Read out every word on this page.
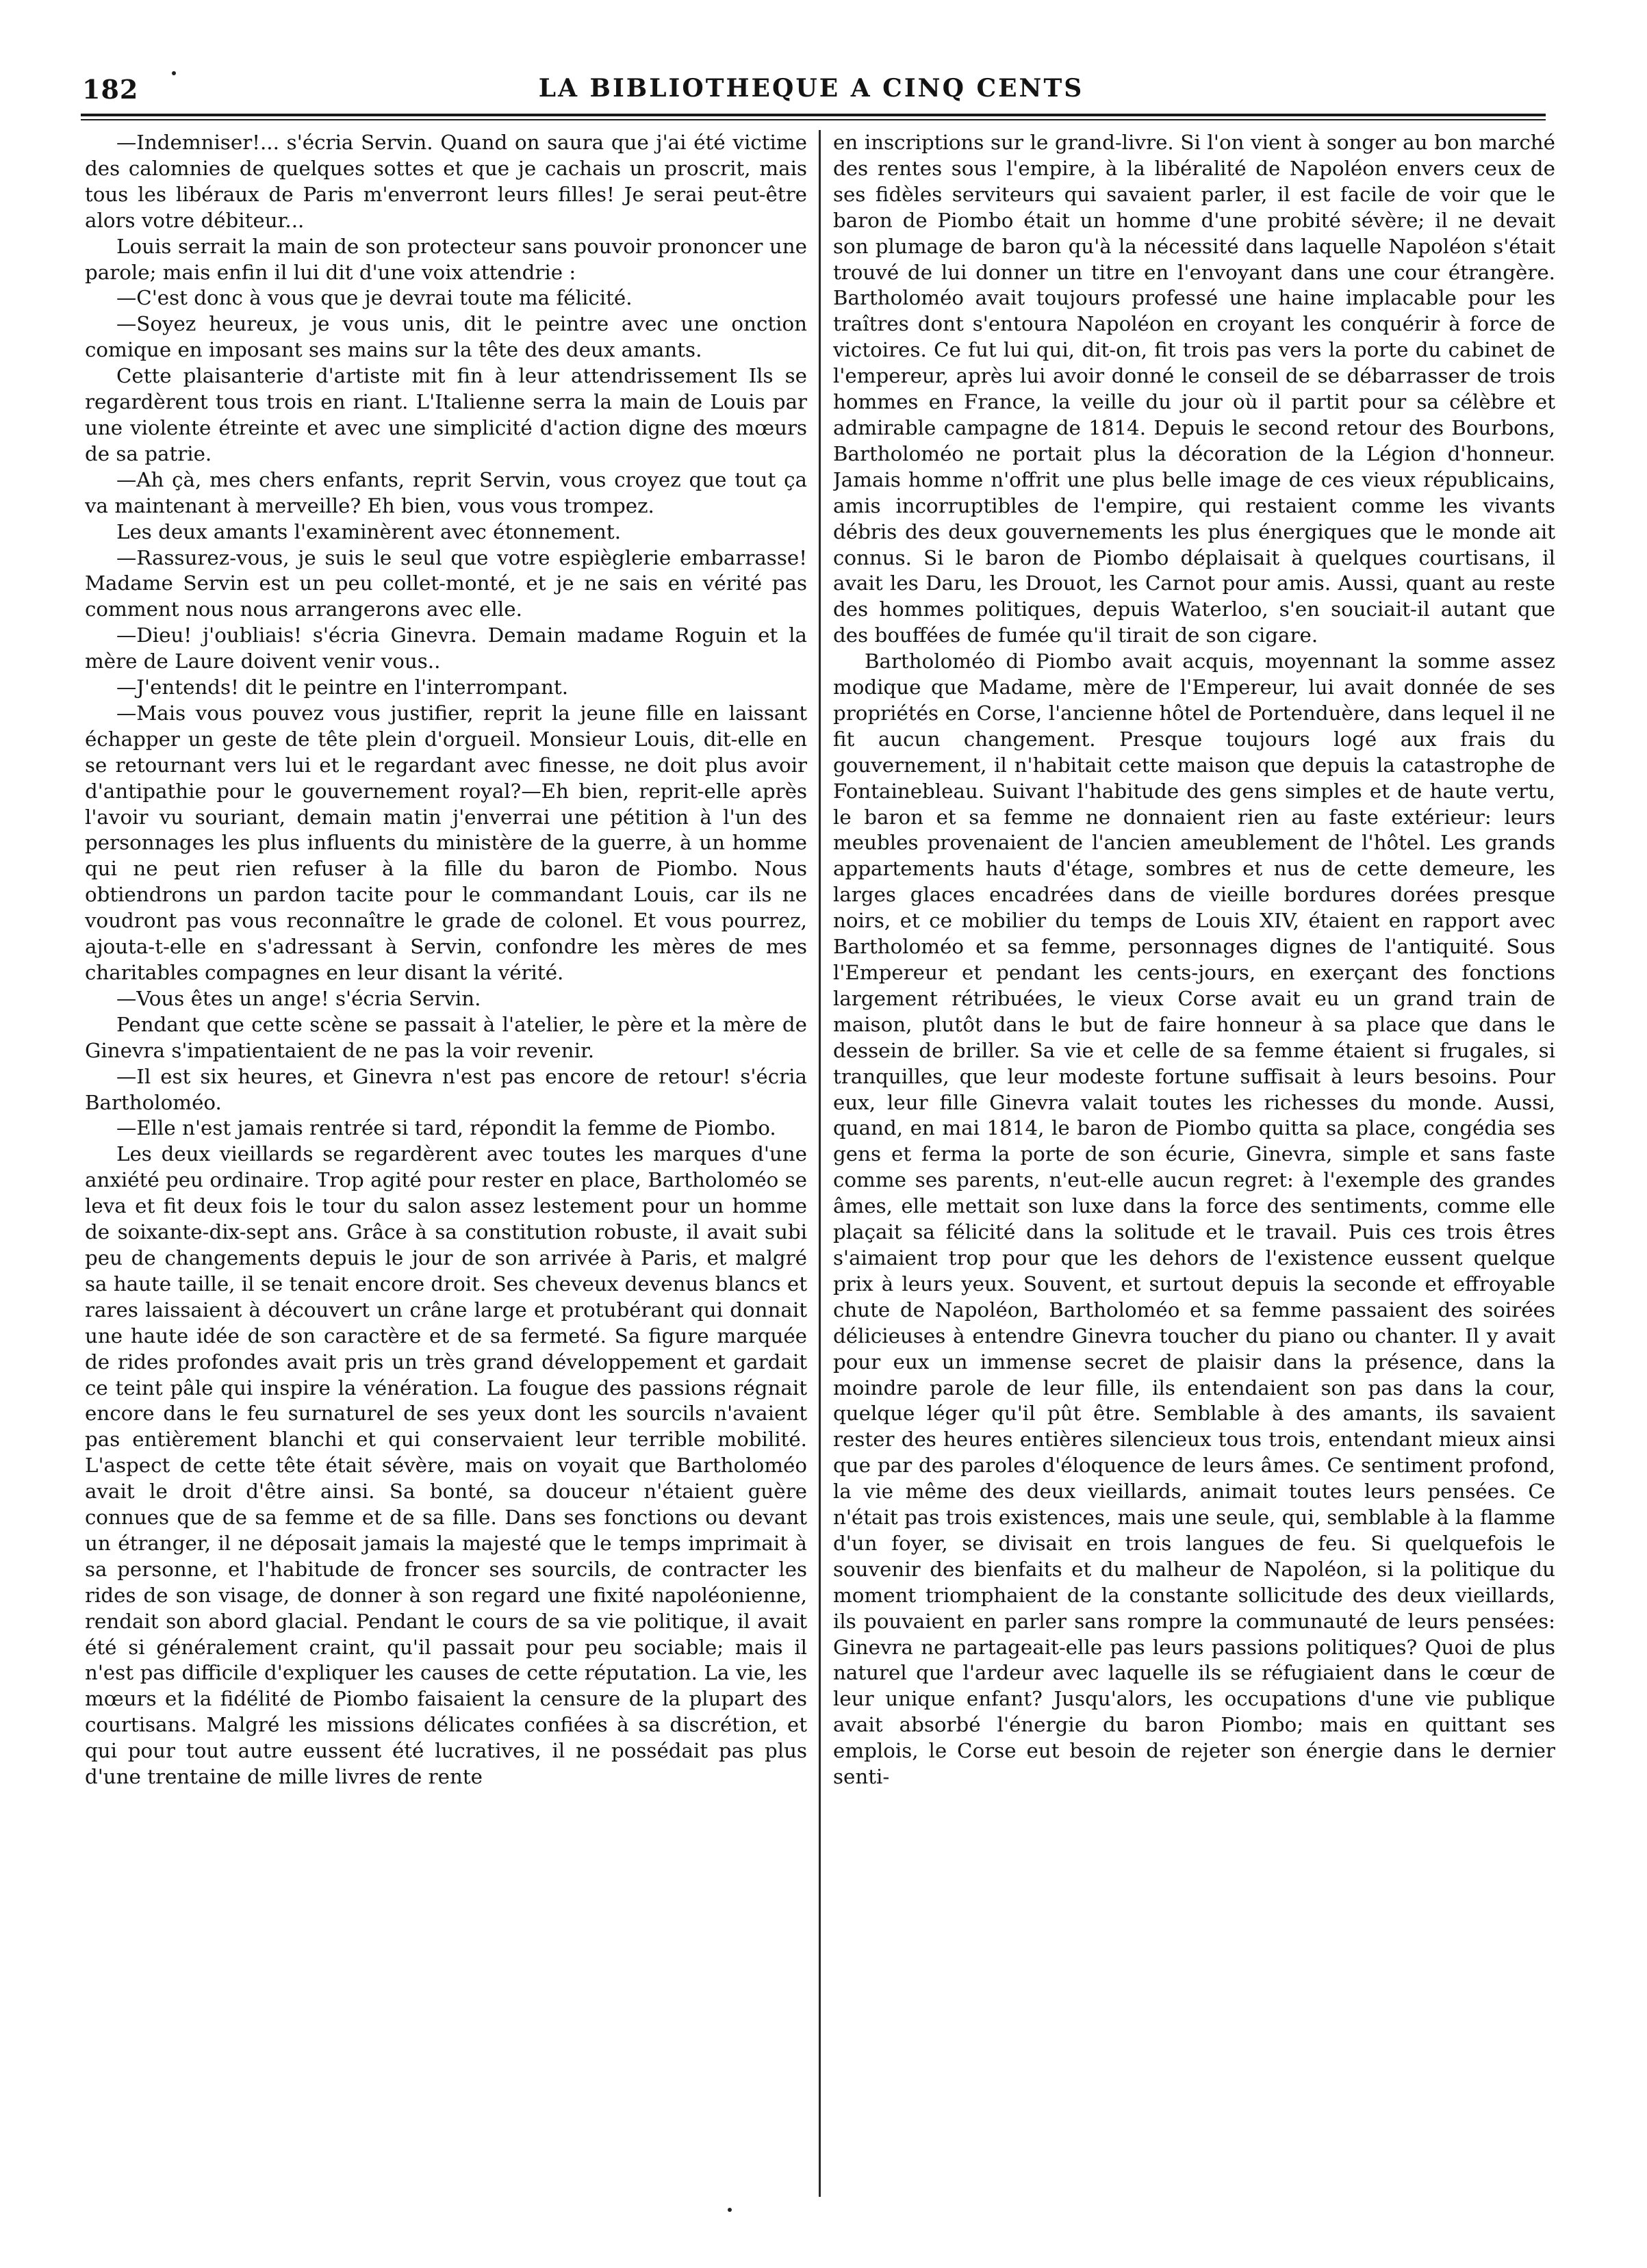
182	LA BIBLIOTHEQUE A CINQ CENTS

—Indemniser!... s'écria Servin. Quand on saura que j'ai été victime des calomnies de quelques sottes et que je cachais un proscrit, mais tous les libéraux de Paris m'enverront leurs filles! Je serai peut-être alors votre débiteur...

Louis serrait la main de son protecteur sans pouvoir prononcer une parole; mais enfin il lui dit d'une voix attendrie :

—C'est donc à vous que je devrai toute ma félicité.

—Soyez heureux, je vous unis, dit le peintre avec une onction comique en imposant ses mains sur la tête des deux amants.

Cette plaisanterie d'artiste mit fin à leur attendrissement Ils se regardèrent tous trois en riant. L'Italienne serra la main de Louis par une violente étreinte et avec une simplicité d'action digne des mœurs de sa patrie.

—Ah çà, mes chers enfants, reprit Servin, vous croyez que tout ça va maintenant à merveille? Eh bien, vous vous trompez.

Les deux amants l'examinèrent avec étonnement.

—Rassurez-vous, je suis le seul que votre espièglerie embarrasse! Madame Servin est un peu collet-monté, et je ne sais en vérité pas comment nous nous arrangerons avec elle.

—Dieu! j'oubliais! s'écria Ginevra. Demain madame Roguin et la mère de Laure doivent venir vous..

—J'entends! dit le peintre en l'interrompant.

—Mais vous pouvez vous justifier, reprit la jeune fille en laissant échapper un geste de tête plein d'orgueil. Monsieur Louis, dit-elle en se retournant vers lui et le regardant avec finesse, ne doit plus avoir d'antipathie pour le gouvernement royal?—Eh bien, reprit-elle après l'avoir vu souriant, demain matin j'enverrai une pétition à l'un des personnages les plus influents du ministère de la guerre, à un homme qui ne peut rien refuser à la fille du baron de Piombo. Nous obtiendrons un pardon tacite pour le commandant Louis, car ils ne voudront pas vous reconnaître le grade de colonel. Et vous pourrez, ajouta-t-elle en s'adressant à Servin, confondre les mères de mes charitables compagnes en leur disant la vérité.

—Vous êtes un ange! s'écria Servin.

Pendant que cette scène se passait à l'atelier, le père et la mère de Ginevra s'impatientaient de ne pas la voir revenir.

—Il est six heures, et Ginevra n'est pas encore de retour! s'écria Bartholoméo.

—Elle n'est jamais rentrée si tard, répondit la femme de Piombo.

Les deux vieillards se regardèrent avec toutes les marques d'une anxiété peu ordinaire. Trop agité pour rester en place, Bartholoméo se leva et fit deux fois le tour du salon assez lestement pour un homme de soixante-dix-sept ans. Grâce à sa constitution robuste, il avait subi peu de changements depuis le jour de son arrivée à Paris, et malgré sa haute taille, il se tenait encore droit. Ses cheveux devenus blancs et rares laissaient à découvert un crâne large et protubérant qui donnait une haute idée de son caractère et de sa fermeté. Sa figure marquée de rides profondes avait pris un très grand développement et gardait ce teint pâle qui inspire la vénération. La fougue des passions régnait encore dans le feu surnaturel de ses yeux dont les sourcils n'avaient pas entièrement blanchi et qui conservaient leur terrible mobilité. L'aspect de cette tête était sévère, mais on voyait que Bartholoméo avait le droit d'être ainsi. Sa bonté, sa douceur n'étaient guère connues que de sa femme et de sa fille. Dans ses fonctions ou devant un étranger, il ne déposait jamais la majesté que le temps imprimait à sa personne, et l'habitude de froncer ses sourcils, de contracter les rides de son visage, de donner à son regard une fixité napoléonienne, rendait son abord glacial. Pendant le cours de sa vie politique, il avait été si généralement craint, qu'il passait pour peu sociable; mais il n'est pas difficile d'expliquer les causes de cette réputation. La vie, les mœurs et la fidélité de Piombo faisaient la censure de la plupart des courtisans. Malgré les missions délicates confiées à sa discrétion, et qui pour tout autre eussent été lucratives, il ne possédait pas plus d'une trentaine de mille livres de rente

en inscriptions sur le grand-livre. Si l'on vient à songer au bon marché des rentes sous l'empire, à la libéralité de Napoléon envers ceux de ses fidèles serviteurs qui savaient parler, il est facile de voir que le baron de Piombo était un homme d'une probité sévère; il ne devait son plumage de baron qu'à la nécessité dans laquelle Napoléon s'était trouvé de lui donner un titre en l'envoyant dans une cour étrangère. Bartholoméo avait toujours professé une haine implacable pour les traîtres dont s'entoura Napoléon en croyant les conquérir à force de victoires. Ce fut lui qui, dit-on, fit trois pas vers la porte du cabinet de l'empereur, après lui avoir donné le conseil de se débarrasser de trois hommes en France, la veille du jour où il partit pour sa célèbre et admirable campagne de 1814. Depuis le second retour des Bourbons, Bartholoméo ne portait plus la décoration de la Légion d'honneur. Jamais homme n'offrit une plus belle image de ces vieux républicains, amis incorruptibles de l'empire, qui restaient comme les vivants débris des deux gouvernements les plus énergiques que le monde ait connus. Si le baron de Piombo déplaisait à quelques courtisans, il avait les Daru, les Drouot, les Carnot pour amis. Aussi, quant au reste des hommes politiques, depuis Waterloo, s'en souciait-il autant que des bouffées de fumée qu'il tirait de son cigare.

Bartholoméo di Piombo avait acquis, moyennant la somme assez modique que Madame, mère de l'Empereur, lui avait donnée de ses propriétés en Corse, l'ancienne hôtel de Portenduère, dans lequel il ne fit aucun changement. Presque toujours logé aux frais du gouvernement, il n'habitait cette maison que depuis la catastrophe de Fontainebleau. Suivant l'habitude des gens simples et de haute vertu, le baron et sa femme ne donnaient rien au faste extérieur: leurs meubles provenaient de l'ancien ameublement de l'hôtel. Les grands appartements hauts d'étage, sombres et nus de cette demeure, les larges glaces encadrées dans de vieille bordures dorées presque noirs, et ce mobilier du temps de Louis XIV, étaient en rapport avec Bartholoméo et sa femme, personnages dignes de l'antiquité. Sous l'Empereur et pendant les cents-jours, en exerçant des fonctions largement rétribuées, le vieux Corse avait eu un grand train de maison, plutôt dans le but de faire honneur à sa place que dans le dessein de briller. Sa vie et celle de sa femme étaient si frugales, si tranquilles, que leur modeste fortune suffisait à leurs besoins. Pour eux, leur fille Ginevra valait toutes les richesses du monde. Aussi, quand, en mai 1814, le baron de Piombo quitta sa place, congédia ses gens et ferma la porte de son écurie, Ginevra, simple et sans faste comme ses parents, n'eut-elle aucun regret: à l'exemple des grandes âmes, elle mettait son luxe dans la force des sentiments, comme elle plaçait sa félicité dans la solitude et le travail. Puis ces trois êtres s'aimaient trop pour que les dehors de l'existence eussent quelque prix à leurs yeux. Souvent, et surtout depuis la seconde et effroyable chute de Napoléon, Bartholoméo et sa femme passaient des soirées délicieuses à entendre Ginevra toucher du piano ou chanter. Il y avait pour eux un immense secret de plaisir dans la présence, dans la moindre parole de leur fille, ils entendaient son pas dans la cour, quelque léger qu'il pût être. Semblable à des amants, ils savaient rester des heures entières silencieux tous trois, entendant mieux ainsi que par des paroles d'éloquence de leurs âmes. Ce sentiment profond, la vie même des deux vieillards, animait toutes leurs pensées. Ce n'était pas trois existences, mais une seule, qui, semblable à la flamme d'un foyer, se divisait en trois langues de feu. Si quelquefois le souvenir des bienfaits et du malheur de Napoléon, si la politique du moment triomphaient de la constante sollicitude des deux vieillards, ils pouvaient en parler sans rompre la communauté de leurs pensées: Ginevra ne partageait-elle pas leurs passions politiques? Quoi de plus naturel que l'ardeur avec laquelle ils se réfugiaient dans le cœur de leur unique enfant? Jusqu'alors, les occupations d'une vie publique avait absorbé l'énergie du baron Piombo; mais en quittant ses emplois, le Corse eut besoin de rejeter son énergie dans le dernier senti-
